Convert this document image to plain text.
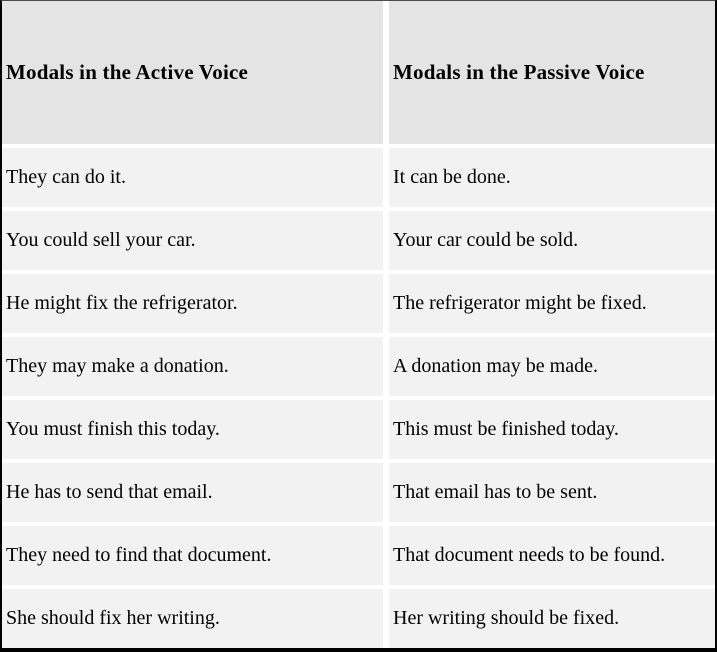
Modals in the Active Voice	Modals in the Passive Voice
They can do it.	It can be done.
You could sell your car.	Your car could be sold.
He might fix the refrigerator.	The refrigerator might be fixed.
They may make a donation.	A donation may be made.
You must finish this today.	This must be finished today.
He has to send that email.	That email has to be sent.
They need to find that document.	That document needs to be found.
She should fix her writing.	Her writing should be fixed.
